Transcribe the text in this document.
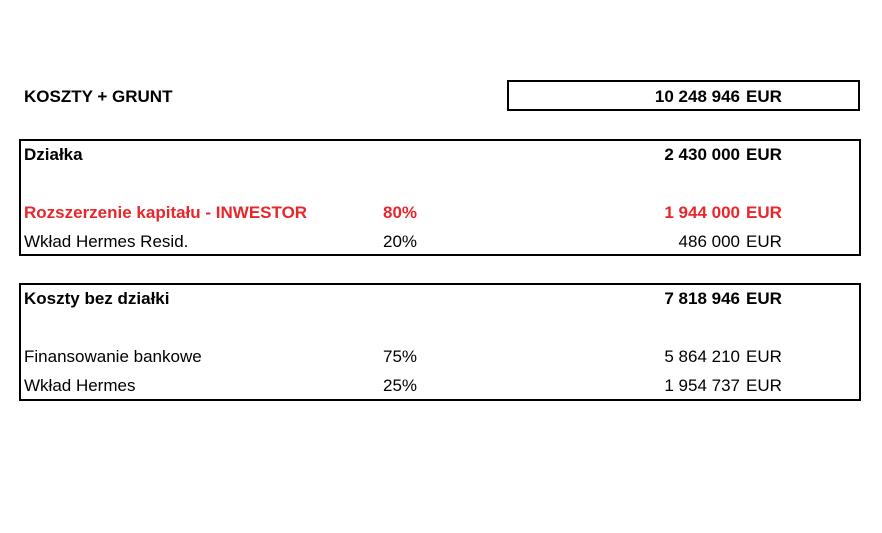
KOSZTY + GRUNT	10 248 946 EUR
Działka	2 430 000 EUR
Rozszerzenie kapitału - INWESTOR	80%	1 944 000 EUR
Wkład Hermes Resid.	20%	486 000 EUR
Koszty bez działki	7 818 946 EUR
Finansowanie bankowe	75%	5 864 210 EUR
Wkład Hermes	25%	1 954 737 EUR
